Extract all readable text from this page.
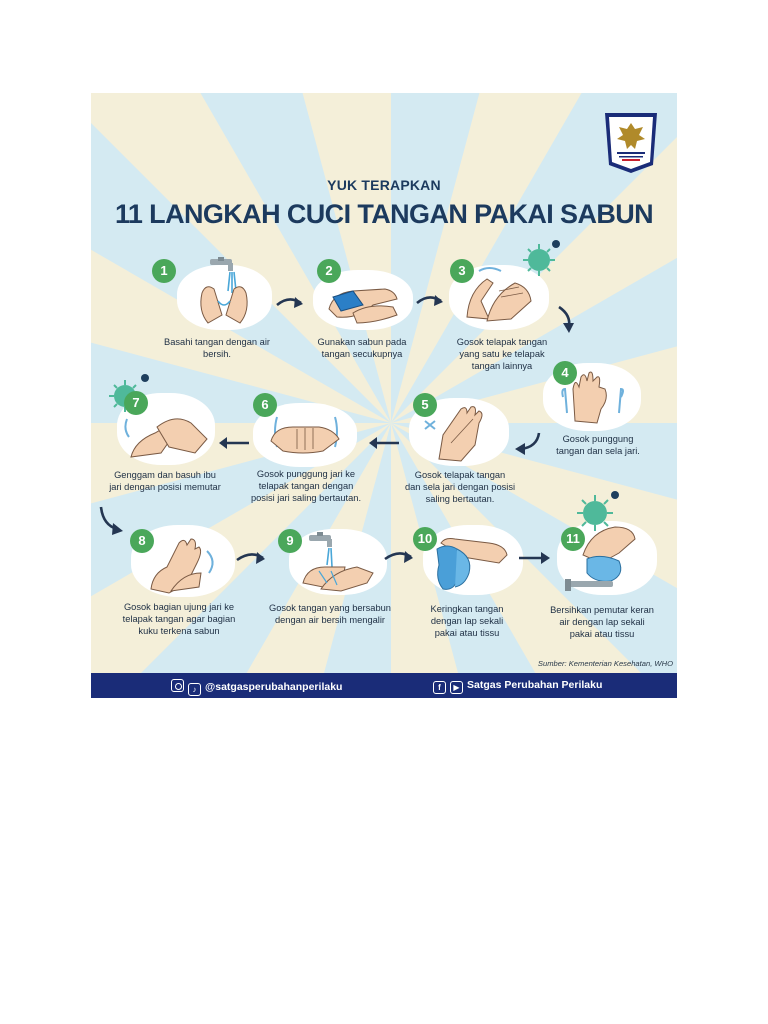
YUK TERAPKAN
11 LANGKAH CUCI TANGAN PAKAI SABUN
1
Basahi tangan dengan air
bersih.
2
Gunakan sabun pada
tangan secukupnya
3
Gosok telapak tangan
yang satu ke telapak
tangan lainnya	4
Gosok punggung
tangan dan sela jari.
5
Gosok telapak tangan
dan sela jari dengan posisi
saling bertautan.
6
Gosok punggung jari ke
telapak tangan dengan
posisi jari saling bertautan.
7
Genggam dan basuh ibu
jari dengan posisi memutar
8
Gosok bagian ujung jari ke
telapak tangan agar bagian
kuku terkena sabun
9
Gosok tangan yang bersabun
dengan air bersih mengalir
10
Keringkan tangan
dengan lap sekali
pakai atau tissu
11
Bersihkan pemutar keran
air dengan lap sekali
pakai atau tissu
Sumber: Kementerian Kesehatan, WHO
♪ @satgasperubahanperilaku	f ▶ Satgas Perubahan Perilaku
